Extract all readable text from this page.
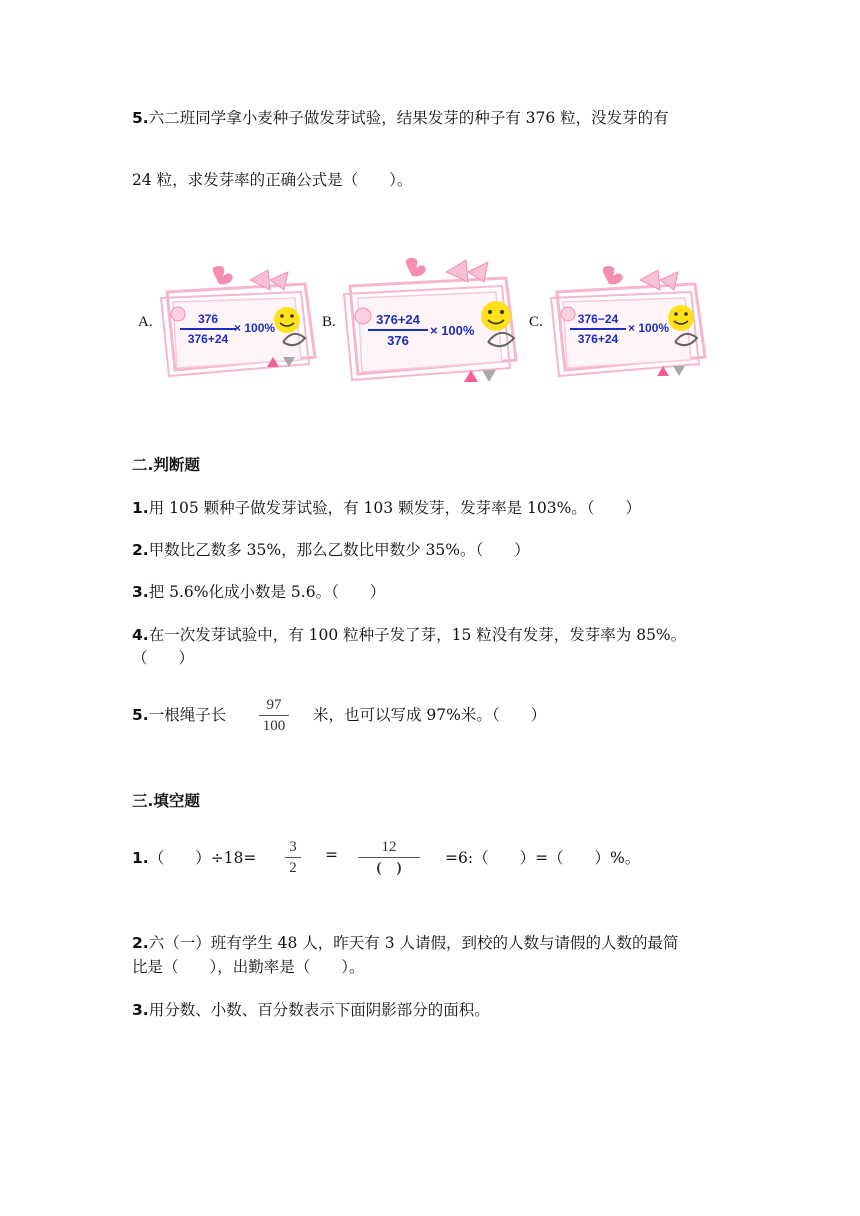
5.六二班同学拿小麦种子做发芽试验，结果发芽的种子有 376 粒，没发芽的有
24 粒，求发芽率的正确公式是（　　）。
A.	376
376+24
× 100%	B.	376+24
376
× 100%
C.	376−24
376+24
× 100%
二.判断题
1.用 105 颗种子做发芽试验，有 103 颗发芽，发芽率是 103%。（　　）
2.甲数比乙数多 35%，那么乙数比甲数少 35%。（　　）
3.把 5.6%化成小数是 5.6。（　　）
4.在一次发芽试验中，有 100 粒种子发了芽，15 粒没有发芽，发芽率为 85%。
（　　）
5.一根绳子长
97
100
米，也可以写成 97%米。（　　）
三.填空题
1.（　　）÷18=
3
2
=	12
(　)
=6:（　　）=（　　）%。
2.六（一）班有学生 48 人，昨天有 3 人请假，到校的人数与请假的人数的最简
比是（　　），出勤率是（　　）。
3.用分数、小数、百分数表示下面阴影部分的面积。
